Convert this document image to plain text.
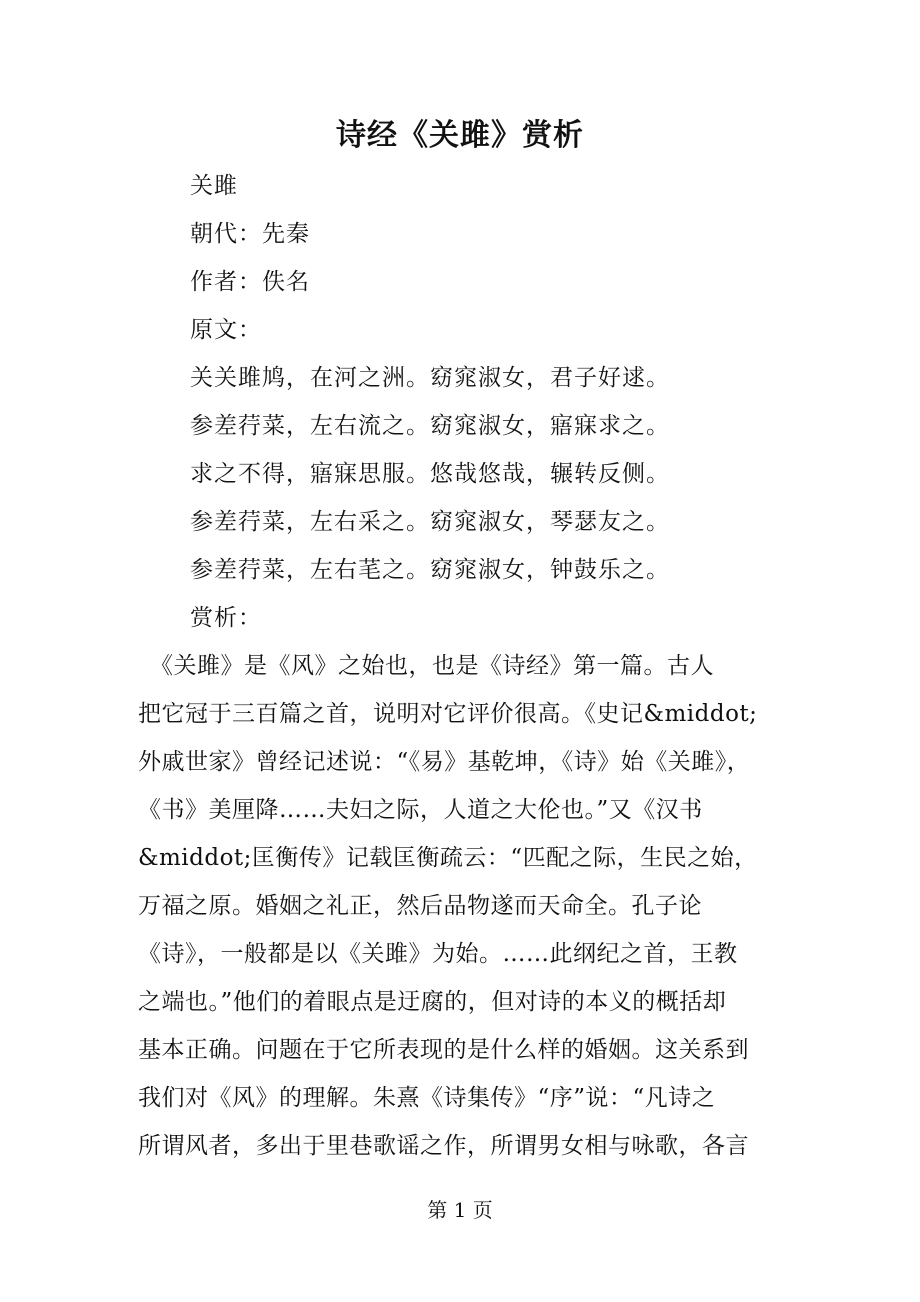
诗经《关雎》赏析

关雎

朝代：先秦

作者：佚名

原文：

关关雎鸠，在河之洲。窈窕淑女，君子好逑。

参差荇菜，左右流之。窈窕淑女，寤寐求之。

求之不得，寤寐思服。悠哉悠哉，辗转反侧。

参差荇菜，左右采之。窈窕淑女，琴瑟友之。

参差荇菜，左右芼之。窈窕淑女，钟鼓乐之。

赏析：

　《关雎》是《风》之始也，也是《诗经》第一篇。古人

把它冠于三百篇之首，说明对它评价很高。《史记&middot;

外戚世家》曾经记述说：“《易》基乾坤，《诗》始《关雎》，

《书》美厘降……夫妇之际，人道之大伦也。”又《汉书

&middot;匡衡传》记载匡衡疏云：“匹配之际，生民之始，

万福之原。婚姻之礼正，然后品物遂而天命全。孔子论

《诗》，一般都是以《关雎》为始。……此纲纪之首，王教

之端也。”他们的着眼点是迂腐的，但对诗的本义的概括却

基本正确。问题在于它所表现的是什么样的婚姻。这关系到

我们对《风》的理解。朱熹《诗集传》“序”说：“凡诗之

所谓风者，多出于里巷歌谣之作，所谓男女相与咏歌，各言

第 1 页
